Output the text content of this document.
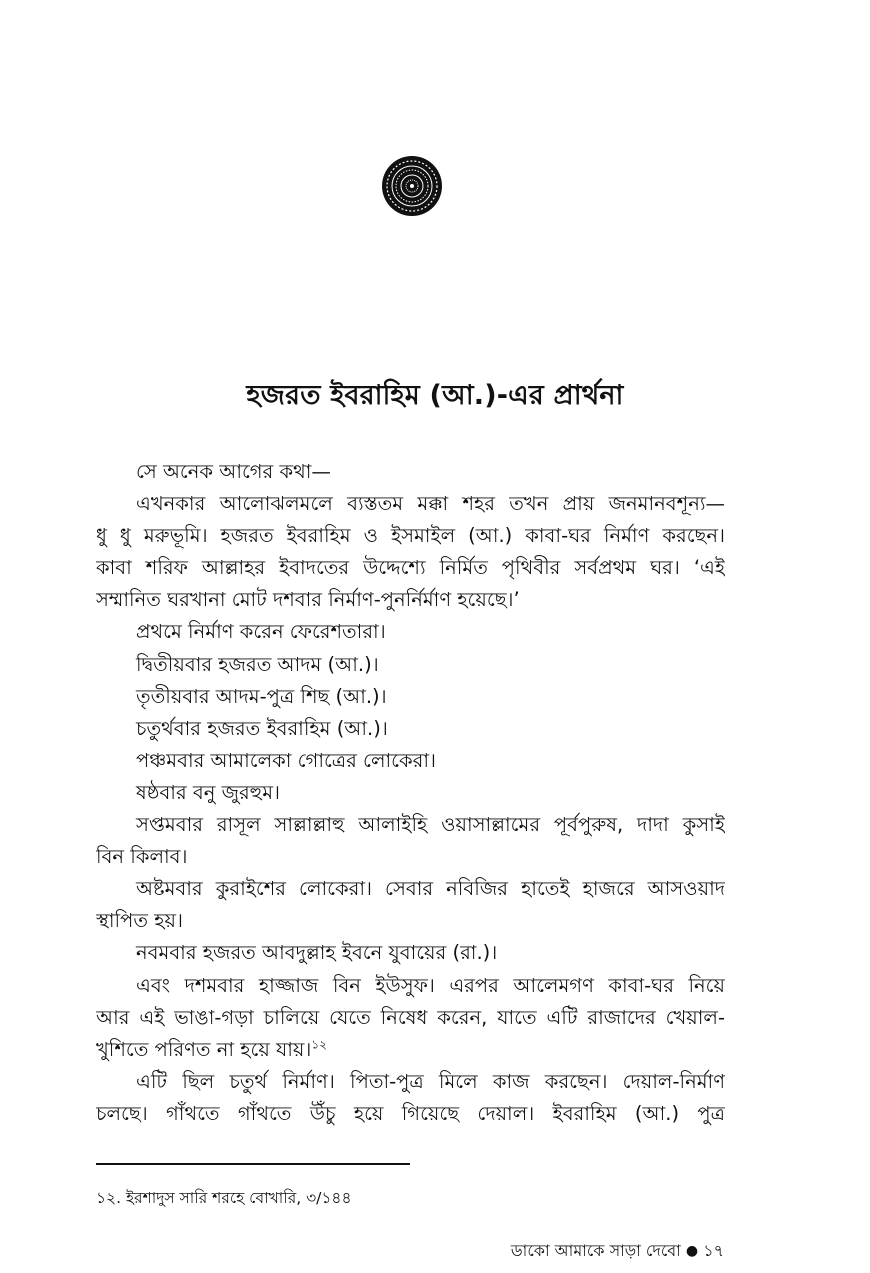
হজরত ইবরাহিম (আ.)-এর প্রার্থনা
সে অনেক আগের কথা—
এখনকার আলোঝলমলে ব্যস্ততম মক্কা শহর তখন প্রায় জনমানবশূন্য—
ধু ধু মরুভূমি। হজরত ইবরাহিম ও ইসমাইল (আ.) কাবা-ঘর নির্মাণ করছেন।
কাবা শরিফ আল্লাহর ইবাদতের উদ্দেশ্যে নির্মিত পৃথিবীর সর্বপ্রথম ঘর। ‘এই
সম্মানিত ঘরখানা মোট দশবার নির্মাণ-পুনর্নির্মাণ হয়েছে।’
প্রথমে নির্মাণ করেন ফেরেশতারা।
দ্বিতীয়বার হজরত আদম (আ.)।
তৃতীয়বার আদম-পুত্র শিছ (আ.)।
চতুর্থবার হজরত ইবরাহিম (আ.)।
পঞ্চমবার আমালেকা গোত্রের লোকেরা।
ষষ্ঠবার বনু জুরহুম।
সপ্তমবার রাসূল সাল্লাল্লাহু আলাইহি ওয়াসাল্লামের পূর্বপুরুষ, দাদা কুসাই
বিন কিলাব।
অষ্টমবার কুরাইশের লোকেরা। সেবার নবিজির হাতেই হাজরে আসওয়াদ
স্থাপিত হয়।
নবমবার হজরত আবদুল্লাহ ইবনে যুবায়ের (রা.)।
এবং দশমবার হাজ্জাজ বিন ইউসুফ। এরপর আলেমগণ কাবা-ঘর নিয়ে
আর এই ভাঙা-গড়া চালিয়ে যেতে নিষেধ করেন, যাতে এটি রাজাদের খেয়াল-
খুশিতে পরিণত না হয়ে যায়।$^{১২}$
এটি ছিল চতুর্থ নির্মাণ। পিতা-পুত্র মিলে কাজ করছেন। দেয়াল-নির্মাণ
চলছে। গাঁথতে গাঁথতে উঁচু হয়ে গিয়েছে দেয়াল। ইবরাহিম (আ.) পুত্র
১২. ইরশাদুস সারি শরহে বোখারি, ৩/১৪৪
ডাকো আমাকে সাড়া দেবো ● ১৭
